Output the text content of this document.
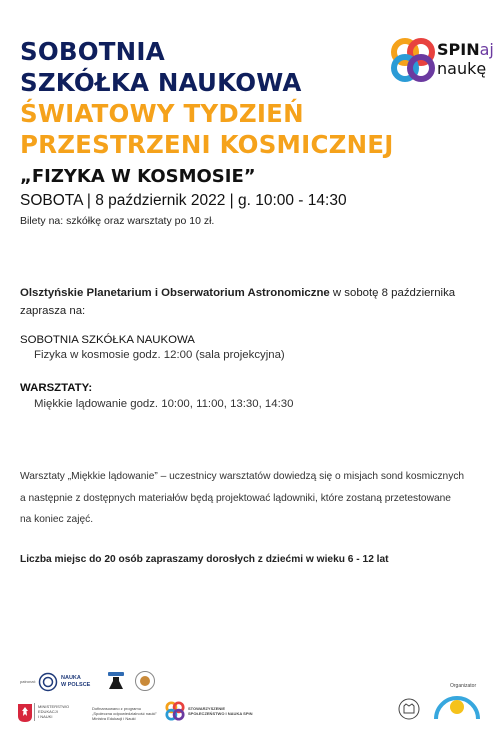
SOBOTNIA
SZKÓŁKA NAUKOWA
ŚWIATOWY TYDZIEŃ
PRZESTRZENI KOSMICZNEJ
„FIZYKA W KOSMOSIE”
SPINaj
naukę
SOBOTA | 8 październik 2022 | g. 10:00 - 14:30
Bilety na: szkółkę oraz warsztaty po 10 zł.
Olsztyńskie Planetarium i Obserwatorium Astronomiczne w sobotę 8 października zaprasza na:
SOBOTNIA SZKÓŁKA NAUKOWA
Fizyka w kosmosie godz. 12:00 (sala projekcyjna)
WARSZTATY:
Miękkie lądowanie godz. 10:00, 11:00, 13:30, 14:30
Warsztaty „Miękkie lądowanie” – uczestnicy warsztatów dowiedzą się o misjach sond kosmicznych
a następnie z dostępnych materiałów będą projektować lądowniki, które zostaną przetestowane
na koniec zajęć.
Liczba miejsc do 20 osób zapraszamy dorosłych z dziećmi w wieku 6 - 12 lat
patronat:
NAUKA
W POLSCE
MINISTERSTWO
EDUKACJI
I NAUKI
Dofinansowano z programu
„Społeczna odpowiedzialność nauki”
Ministra Edukacji i Nauki
STOWARZYSZENIE
SPOŁECZEŃSTWO I NAUKA SPiN
Organizator
